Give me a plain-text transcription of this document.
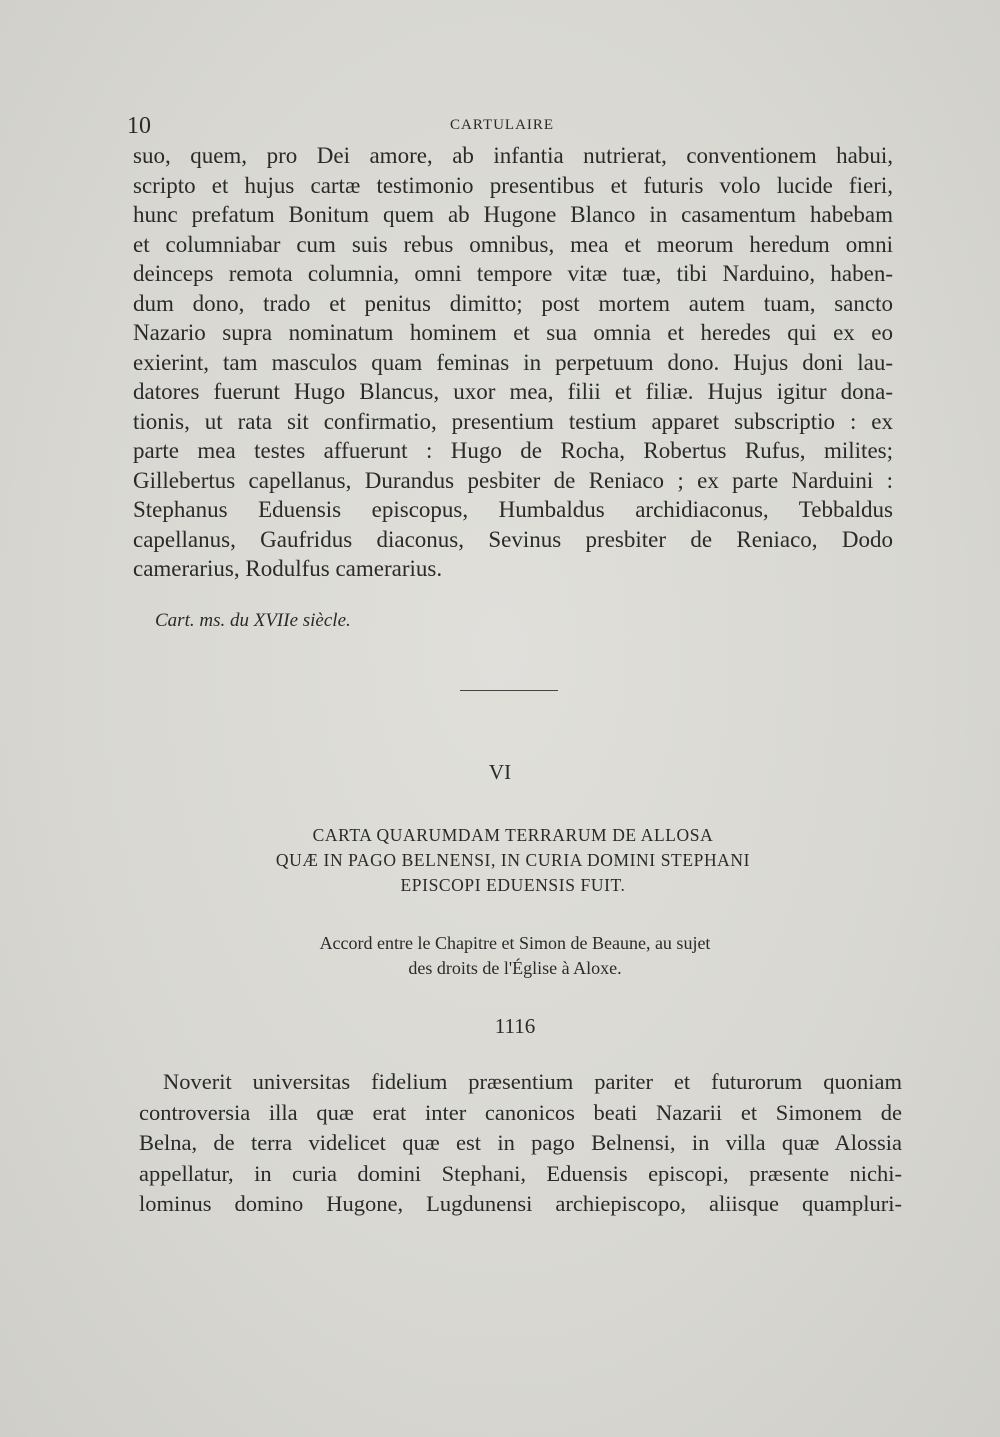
10	CARTULAIRE
suo, quem, pro Dei amore, ab infantia nutrierat, conventionem habui,
scripto et hujus cartæ testimonio presentibus et futuris volo lucide fieri,
hunc prefatum Bonitum quem ab Hugone Blanco in casamentum habebam
et columniabar cum suis rebus omnibus, mea et meorum heredum omni
deinceps remota columnia, omni tempore vitæ tuæ, tibi Narduino, haben-
dum dono, trado et penitus dimitto; post mortem autem tuam, sancto
Nazario supra nominatum hominem et sua omnia et heredes qui ex eo
exierint, tam masculos quam feminas in perpetuum dono. Hujus doni lau-
datores fuerunt Hugo Blancus, uxor mea, filii et filiæ. Hujus igitur dona-
tionis, ut rata sit confirmatio, presentium testium apparet subscriptio : ex
parte mea testes affuerunt : Hugo de Rocha, Robertus Rufus, milites;
Gillebertus capellanus, Durandus pesbiter de Reniaco ; ex parte Narduini :
Stephanus Eduensis episcopus, Humbaldus archidiaconus, Tebbaldus
capellanus, Gaufridus diaconus, Sevinus presbiter de Reniaco, Dodo
camerarius, Rodulfus camerarius.
Cart. ms. du XVIIe siècle.
VI
CARTA QUARUMDAM TERRARUM DE ALLOSA
QUÆ IN PAGO BELNENSI, IN CURIA DOMINI STEPHANI
EPISCOPI EDUENSIS FUIT.
Accord entre le Chapitre et Simon de Beaune, au sujet
des droits de l'Église à Aloxe.
1116
Noverit universitas fidelium præsentium pariter et futurorum quoniam
controversia illa quæ erat inter canonicos beati Nazarii et Simonem de
Belna, de terra videlicet quæ est in pago Belnensi, in villa quæ Alossia
appellatur, in curia domini Stephani, Eduensis episcopi, præsente nichi-
lominus domino Hugone, Lugdunensi archiepiscopo, aliisque quampluri-
